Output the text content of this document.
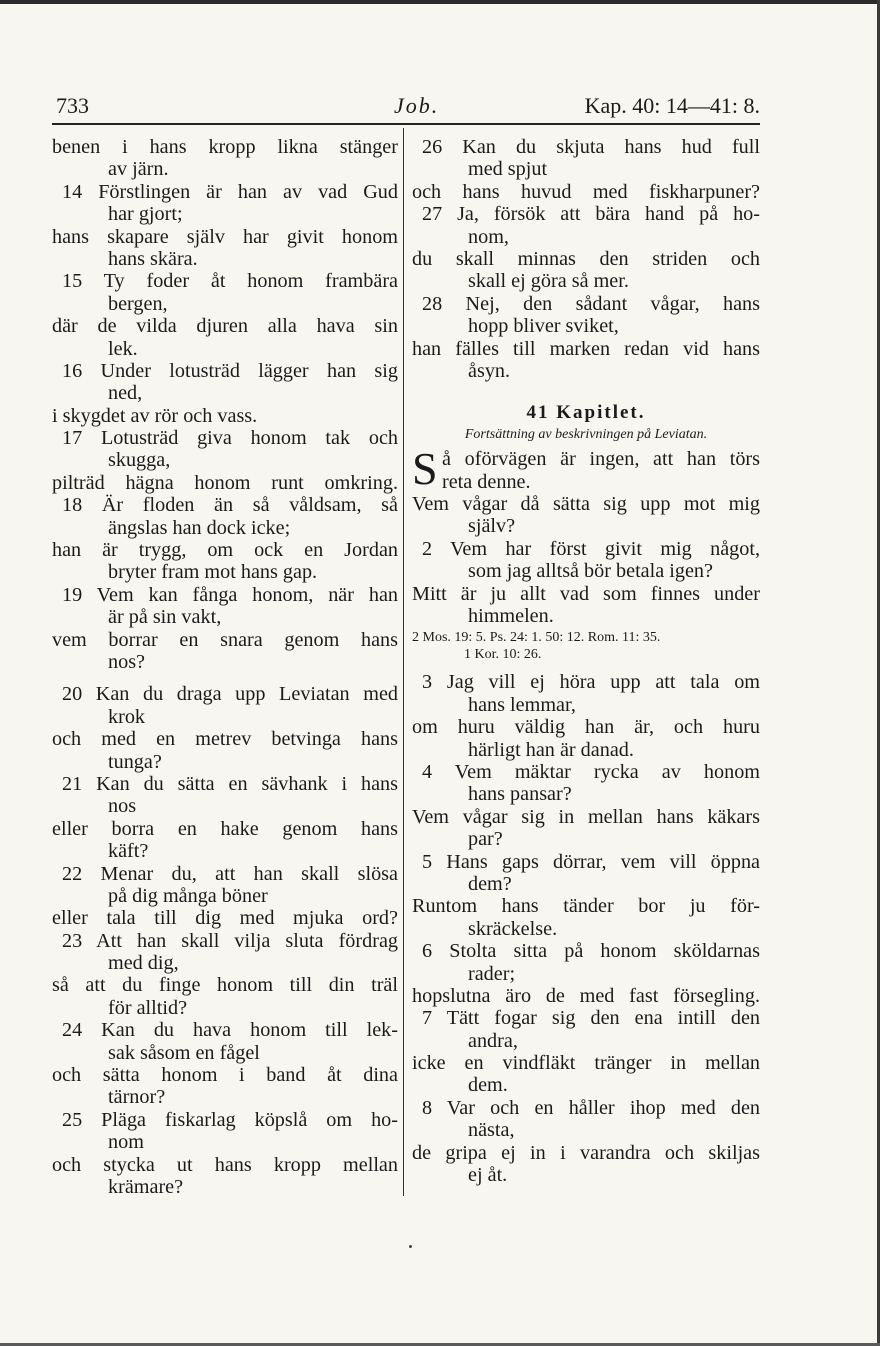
733	Job.	Kap. 40: 14—41: 8.
benen i hans kropp likna stänger
av järn.
14 Förstlingen är han av vad Gud
har gjort;
hans skapare själv har givit honom
hans skära.
15 Ty foder åt honom frambära
bergen,
där de vilda djuren alla hava sin
lek.
16 Under lotusträd lägger han sig
ned,
i skygdet av rör och vass.
17 Lotusträd giva honom tak och
skugga,
pilträd hägna honom runt omkring.
18 Är floden än så våldsam, så
ängslas han dock icke;
han är trygg, om ock en Jordan
bryter fram mot hans gap.
19 Vem kan fånga honom, när han
är på sin vakt,
vem borrar en snara genom hans
nos?
20 Kan du draga upp Leviatan med
krok
och med en metrev betvinga hans
tunga?
21 Kan du sätta en sävhank i hans
nos
eller borra en hake genom hans
käft?
22 Menar du, att han skall slösa
på dig många böner
eller tala till dig med mjuka ord?
23 Att han skall vilja sluta fördrag
med dig,
så att du finge honom till din träl
för alltid?
24 Kan du hava honom till lek-
sak såsom en fågel
och sätta honom i band åt dina
tärnor?
25 Pläga fiskarlag köpslå om ho-
nom
och stycka ut hans kropp mellan
krämare?
26 Kan du skjuta hans hud full
med spjut
och hans huvud med fiskharpuner?
27 Ja, försök att bära hand på ho-
nom,
du skall minnas den striden och
skall ej göra så mer.
28 Nej, den sådant vågar, hans
hopp bliver sviket,
han fälles till marken redan vid hans
åsyn.
41 Kapitlet.
Fortsättning av beskrivningen på Leviatan.
S å oförvägen är ingen, att han törs
reta denne.
Vem vågar då sätta sig upp mot mig
själv?
2 Vem har först givit mig något,
som jag alltså bör betala igen?
Mitt är ju allt vad som finnes under
himmelen.
2 Mos. 19: 5. Ps. 24: 1. 50: 12. Rom. 11: 35.
1 Kor. 10: 26.
3 Jag vill ej höra upp att tala om
hans lemmar,
om huru väldig han är, och huru
härligt han är danad.
4 Vem mäktar rycka av honom
hans pansar?
Vem vågar sig in mellan hans käkars
par?
5 Hans gaps dörrar, vem vill öppna
dem?
Runtom hans tänder bor ju för-
skräckelse.
6 Stolta sitta på honom sköldarnas
rader;
hopslutna äro de med fast försegling.
7 Tätt fogar sig den ena intill den
andra,
icke en vindfläkt tränger in mellan
dem.
8 Var och en håller ihop med den
nästa,
de gripa ej in i varandra och skiljas
ej åt.
